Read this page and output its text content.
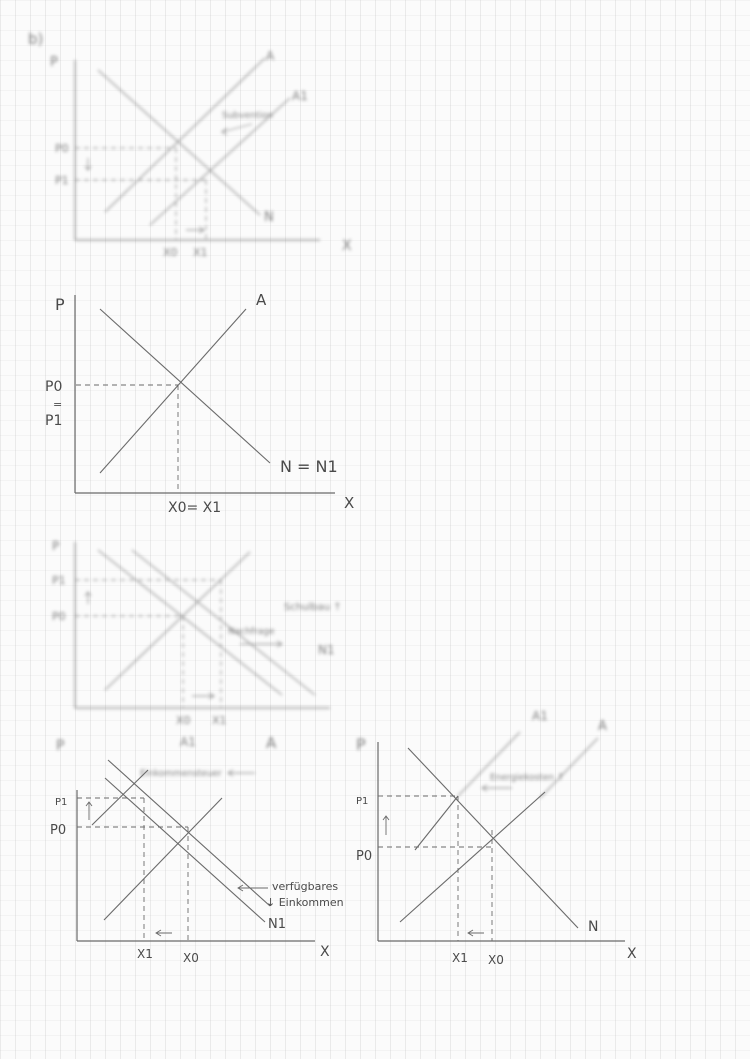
b)
P
X
N
A
A1
P0
P1
X0 X1
Subvention
P
X
A
N = N1
P0
=
P1
X0= X1
P
P1
P0
Schulbau ↑
Nachfrage
N1
X0 X1
P	A1	A
Einkommensteuer
X
P1
P0
N1
verfügbares
↓ Einkommen
X1	X0
P
A1
A
Energiekosten ↑
X
N
P1
P0
X1 X0
